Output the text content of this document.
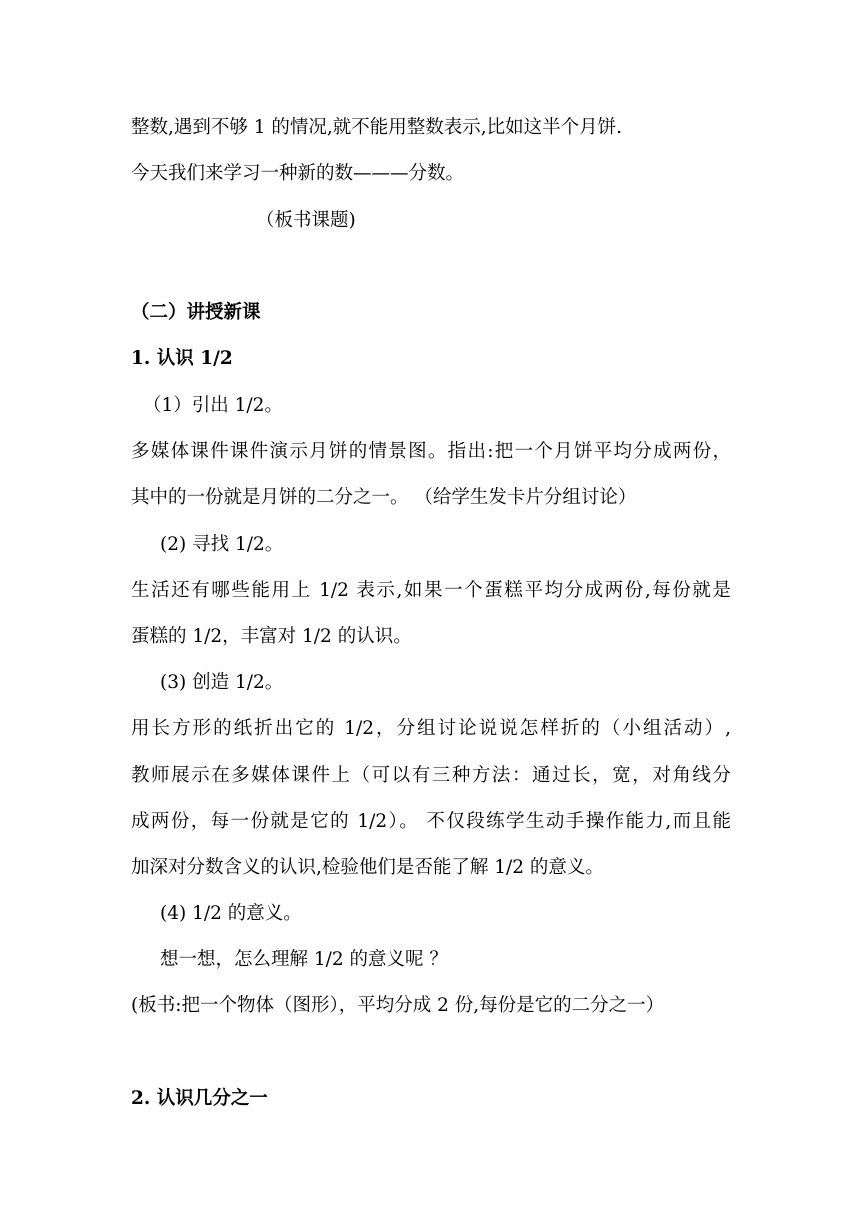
整数,遇到不够 1 的情况,就不能用整数表示,比如这半个月饼.
今天我们来学习一种新的数———分数。
（板书课题)
（二）讲授新课
1. 认识 1/2
（1）引出 1/2。
多媒体课件课件演示月饼的情景图。指出:把一个月饼平均分成两份，
其中的一份就是月饼的二分之一。 （给学生发卡片分组讨论）
(2) 寻找 1/2。
生活还有哪些能用上 1/2 表示,如果一个蛋糕平均分成两份,每份就是
蛋糕的 1/2，丰富对 1/2 的认识。
(3) 创造 1/2。
用长方形的纸折出它的 1/2，分组讨论说说怎样折的（小组活动）,
教师展示在多媒体课件上（可以有三种方法：通过长，宽，对角线分
成两份，每一份就是它的 1/2）。 不仅段练学生动手操作能力,而且能
加深对分数含义的认识,检验他们是否能了解 1/2 的意义。
(4) 1/2 的意义。
想一想，怎么理解 1/2 的意义呢 ？
(板书:把一个物体（图形），平均分成 2 份,每份是它的二分之一）
2. 认识几分之一
